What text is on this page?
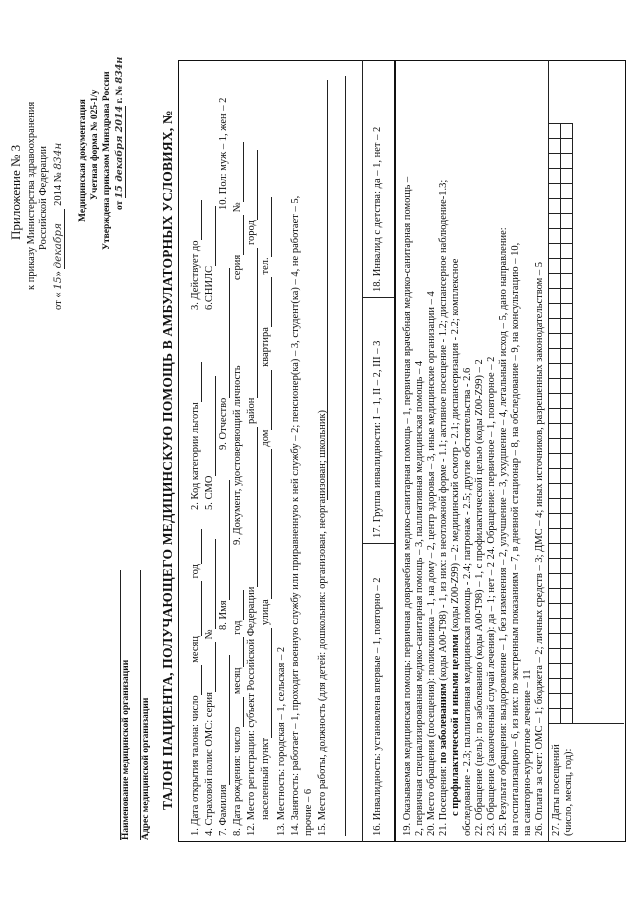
Приложение № 3 к приказу Министерства здравоохранения Российской Федерации
от « 15» декабря 2014 № 834н Медицинская документация Учетная форма № 025-1/у Утверждена приказом Минздрава России от 15 декабря 2014 г. № 834н
Наименование медицинской организации Адрес медицинской организации ТАЛОН ПАЦИЕНТА, ПОЛУЧАЮЩЕГО МЕДИЦИНСКУЮ ПОМОЩЬ В АМБУЛАТОРНЫХ УСЛОВИЯХ, № 1. Дата открытия талона: число месяц год
2. Код категории льготы
3. Действует до
4. Страховой полис ОМС: серия №
5. СМО
6.СНИЛС
7. Фамилия
8. Имя
9. Отчество
8. Дата рождения: число месяц год
9. Документ, удостоверяющий личность
серия №
10. Пол: муж – 1, жен – 2
12. Место регистрации: субъект Российской Федерации район город
населенный пункт улица дом квартира тел.
13. Местность: городская – 1, сельская – 2 14. Занятость: работает – 1, проходит военную службу или приравненную к ней службу – 2; пенсионер(ка) – 3, студент(ка) – 4, не работает – 5, прочие – 6 15. Место работы, должность (для детей: дошкольник: организован, неорганизован; школьник)	16. Инвалидность: установлена впервые – 1, повторно – 2
17. Группа инвалидности: I – 1, II – 2, III – 3
18. Инвалид с детства: да – 1, нет – 2 19. Оказываемая медицинская помощь: первичная доврачебная медико-санитарная помощь – 1, первичная врачебная медико-санитарная помощь – 2, первичная специализированная медико-санитарная помощь – 3, паллиативная медицинская помощь – 4 20. Место обращения (посещения): поликлиника – 1, на дому – 2, центр здоровья – 3, иные медицинские организации – 4 21. Посещения: по заболеваниям (коды А00-Т98) - 1, из них: в неотложной форме - 1.1; активное посещение - 1.2; диспансерное наблюдение-1.3;
с профилактической и иными целями (коды Z00-Z99) – 2: медицинский осмотр - 2.1; диспансеризация - 2.2; комплексное обследование - 2.3; паллиативная медицинская помощь - 2.4; патронаж - 2.5; другие обстоятельства - 2.6 22. Обращение (цель): по заболеванию (коды А00-Т98) – 1, с профилактической целью (коды Z00-Z99) – 2 23. Обращение (законченный случай лечения): да – 1; нет – 2 24. Обращение: первичное – 1, повторное – 2 25. Результат обращения: выздоровление – 1, без изменения – 2, улучшение – 3, ухудшение – 4, летальный исход – 5, дано направление: на госпитализацию – 6, из них: по экстренным показаниям – 7, в дневной стационар – 8, на обследование – 9, на консультацию – 10, на санаторно-курортное лечение – 11 26. Оплата за счет: ОМС – 1; бюджета – 2; личных средств – 3; ДМС – 4; иных источников, разрешенных законодательством – 5 27. Даты посещений (число, месяц, год):
